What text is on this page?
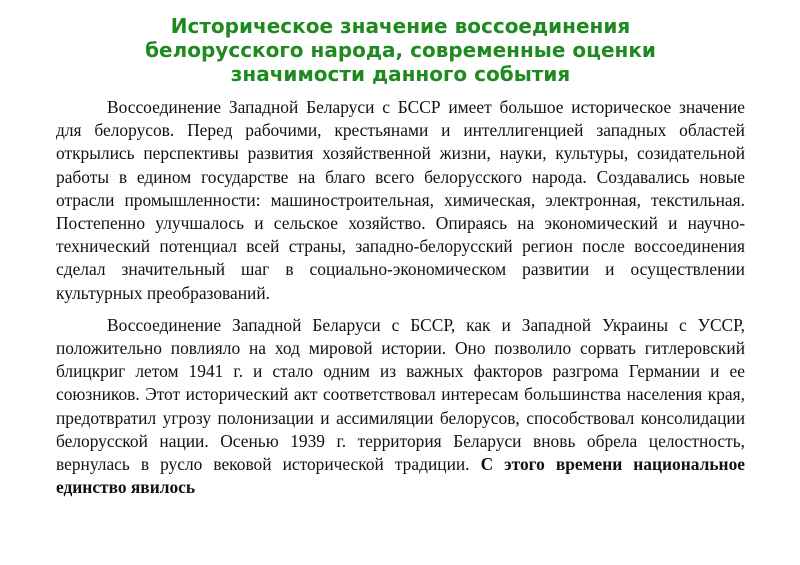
Историческое значение воссоединения белорусского народа, современные оценки значимости данного события

Воссоединение Западной Беларуси с БССР имеет большое историческое значение для белорусов. Перед рабочими, крестьянами и интеллигенцией западных областей открылись перспективы развития хозяйственной жизни, науки, культуры, созидательной работы в едином государстве на благо всего белорусского народа. Создавались новые отрасли промышленности: машиностроительная, химическая, электронная, текстильная. Постепенно улучшалось и сельское хозяйство. Опираясь на экономический и научно-технический потенциал всей страны, западно-белорусский регион после воссоединения сделал значительный шаг в социально-экономическом развитии и осуществлении культурных преобразований.

Воссоединение Западной Беларуси с БССР, как и Западной Украины с УССР, положительно повлияло на ход мировой истории. Оно позволило сорвать гитлеровский блицкриг летом 1941 г. и стало одним из важных факторов разгрома Германии и ее союзников. Этот исторический акт соответствовал интересам большинства населения края, предотвратил угрозу полонизации и ассимиляции белорусов, способствовал консолидации белорусской нации. Осенью 1939 г. территория Беларуси вновь обрела целостность, вернулась в русло вековой исторической традиции. С этого времени национальное единство явилось
